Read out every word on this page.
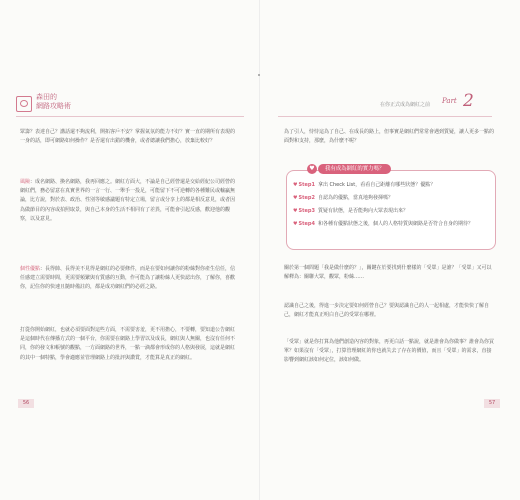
森田的
網路攻略術
眾籌？表達自己？講話還不夠流利，開拓客戶不安？掌握氣氛的能力不好？實一直的期所有表現的一身的話，即可網路如何操作？是否還有出錯的機會，或者總讓我們擔心，放棄比較好？
風險：成名網路、換名網路，我再回應之。網紅方面大，不論是自己經營還是交給經紀公司經營的網紅們，務必留意在真實世界的一言一行、一舉手一投足，可能留下不可逆轉的各種難民或輸贏無論，比方說，對於表、政治、性別等敏感議題有特定立場，留言或分享上的都是相反意見，或者因為做節目的內容或拍照取景，與自己本身的生活不相同有了差異，可能會引起反感，歡迎他的觀察，以及意見。
個性優點：長得帥、長得美不見得是網紅的必要條件，而是在要如何讓你的粉絲對你產生信任，信任感建立需要時間，更需要頻繁與有質感的互動，作可能為了讓粉絲人更快認出你，了解你，喜歡你，記住你的快速且隨時備註的，都是成功網紅們的必經之路。
打從你開始網紅，也就必須要面對這些方面，不需要害羞，更不用擔心，不要轉，要知道公告網紅是這個時代在傳播方式的一個平台，你需要在網路上學習以及成長，網紅與人無關，也沒有任何不同，你的發文和帳號的觀點，一方面網路的世界，一點一滴都會形成你的人格與發展，這就是網紅的其中一個特點，學會適應並管理網路上的批評與讚賞，才能算是真正的網紅。
56
在你正式成為網紅之前 Part 2
為了引人，恃恃這為了自己、在成長的路上，但事實是網紅們常常會遇到質疑，讓人更多一點的面對和支持，那麼，為什麼不呢？
♥	我有成為網紅的實力嗎？
♥Step1 拿出 Check List，看看自己距離有哪些狀態？優點？
♥Step2 自認為的優點，當真地夠發揮嗎？
♥Step3 質疑有狀態，是否能夠向大眾表現出來？
♥Step4 和各種有優點狀態之後，個人的人格特質與網路是否符合自身的期待？
關於第一個問題「我是做什麼的？」，關鍵在於要找到什麼樣的「受眾」是誰？「受眾」又可以解釋為：關聯大眾，觀眾，粉絲……
認識自己之後，得進一步決定要如何經營自己？要與認識自己的人一起相處，才能快快了解自己，網紅才能真正明白自己的受眾在哪裡。
「受眾」就是你打算為他們創造內容的對象，再更白話一點說，就是誰會為你做事？誰會為你買單？如果沒有「受眾」，打算管理網紅的你也就失去了存在的價值，而且「受眾」的需求，直接影響到網紅該如何定位，該如何做。
57
